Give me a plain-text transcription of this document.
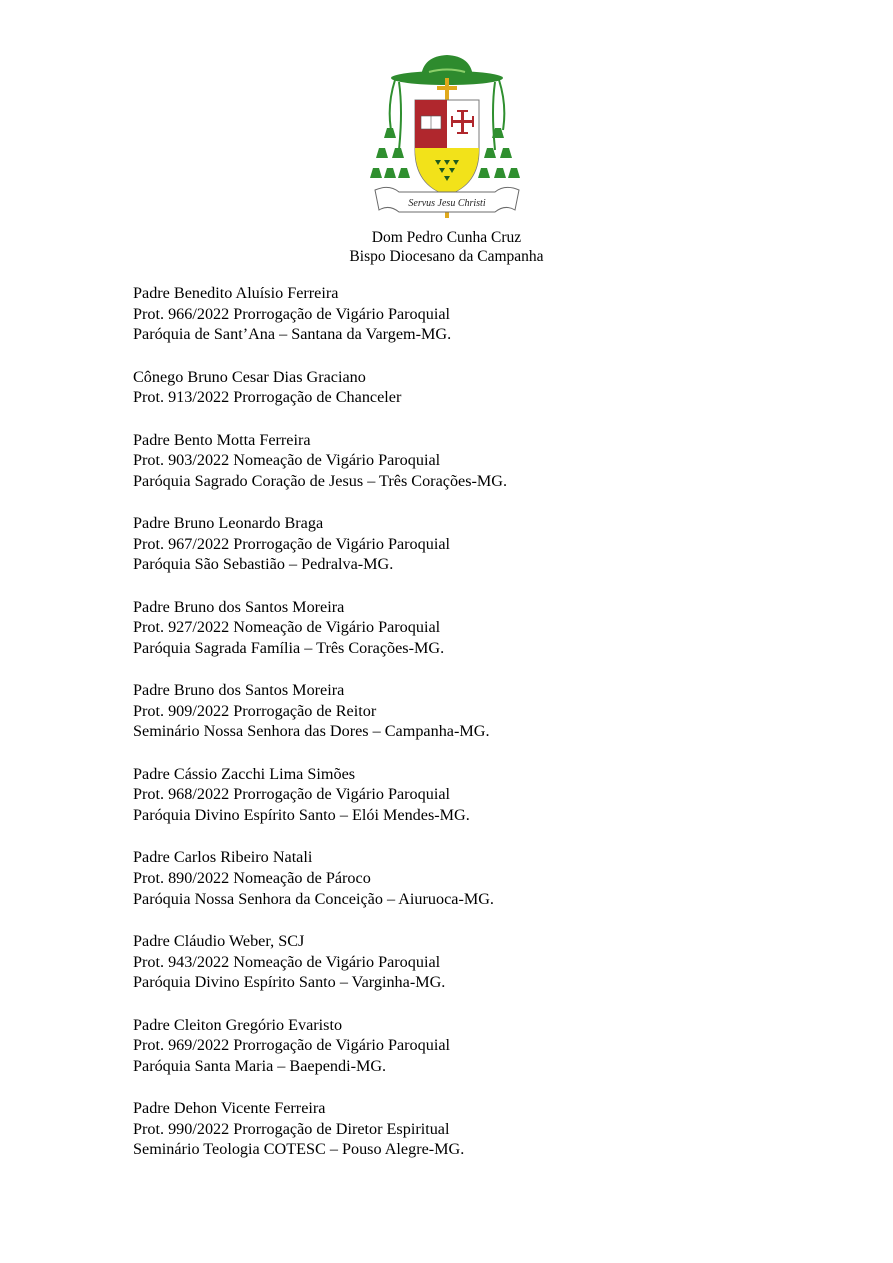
Servus Jesu Christi

Dom Pedro Cunha Cruz

Bispo Diocesano da Campanha

Padre Benedito Aluísio Ferreira
Prot. 966/2022 Prorrogação de Vigário Paroquial
Paróquia de Sant’Ana – Santana da Vargem-MG.
Cônego Bruno Cesar Dias Graciano
Prot. 913/2022 Prorrogação de Chanceler
Padre Bento Motta Ferreira
Prot. 903/2022 Nomeação de Vigário Paroquial
Paróquia Sagrado Coração de Jesus – Três Corações-MG.
Padre Bruno Leonardo Braga
Prot. 967/2022 Prorrogação de Vigário Paroquial
Paróquia São Sebastião – Pedralva-MG.
Padre Bruno dos Santos Moreira
Prot. 927/2022 Nomeação de Vigário Paroquial
Paróquia Sagrada Família – Três Corações-MG.
Padre Bruno dos Santos Moreira
Prot. 909/2022 Prorrogação de Reitor
Seminário Nossa Senhora das Dores – Campanha-MG.
Padre Cássio Zacchi Lima Simões
Prot. 968/2022 Prorrogação de Vigário Paroquial
Paróquia Divino Espírito Santo – Elói Mendes-MG.
Padre Carlos Ribeiro Natali
Prot. 890/2022 Nomeação de Pároco
Paróquia Nossa Senhora da Conceição – Aiuruoca-MG.
Padre Cláudio Weber, SCJ
Prot. 943/2022 Nomeação de Vigário Paroquial
Paróquia Divino Espírito Santo – Varginha-MG.
Padre Cleiton Gregório Evaristo
Prot. 969/2022 Prorrogação de Vigário Paroquial
Paróquia Santa Maria – Baependi-MG.
Padre Dehon Vicente Ferreira
Prot. 990/2022 Prorrogação de Diretor Espiritual
Seminário Teologia COTESC – Pouso Alegre-MG.
